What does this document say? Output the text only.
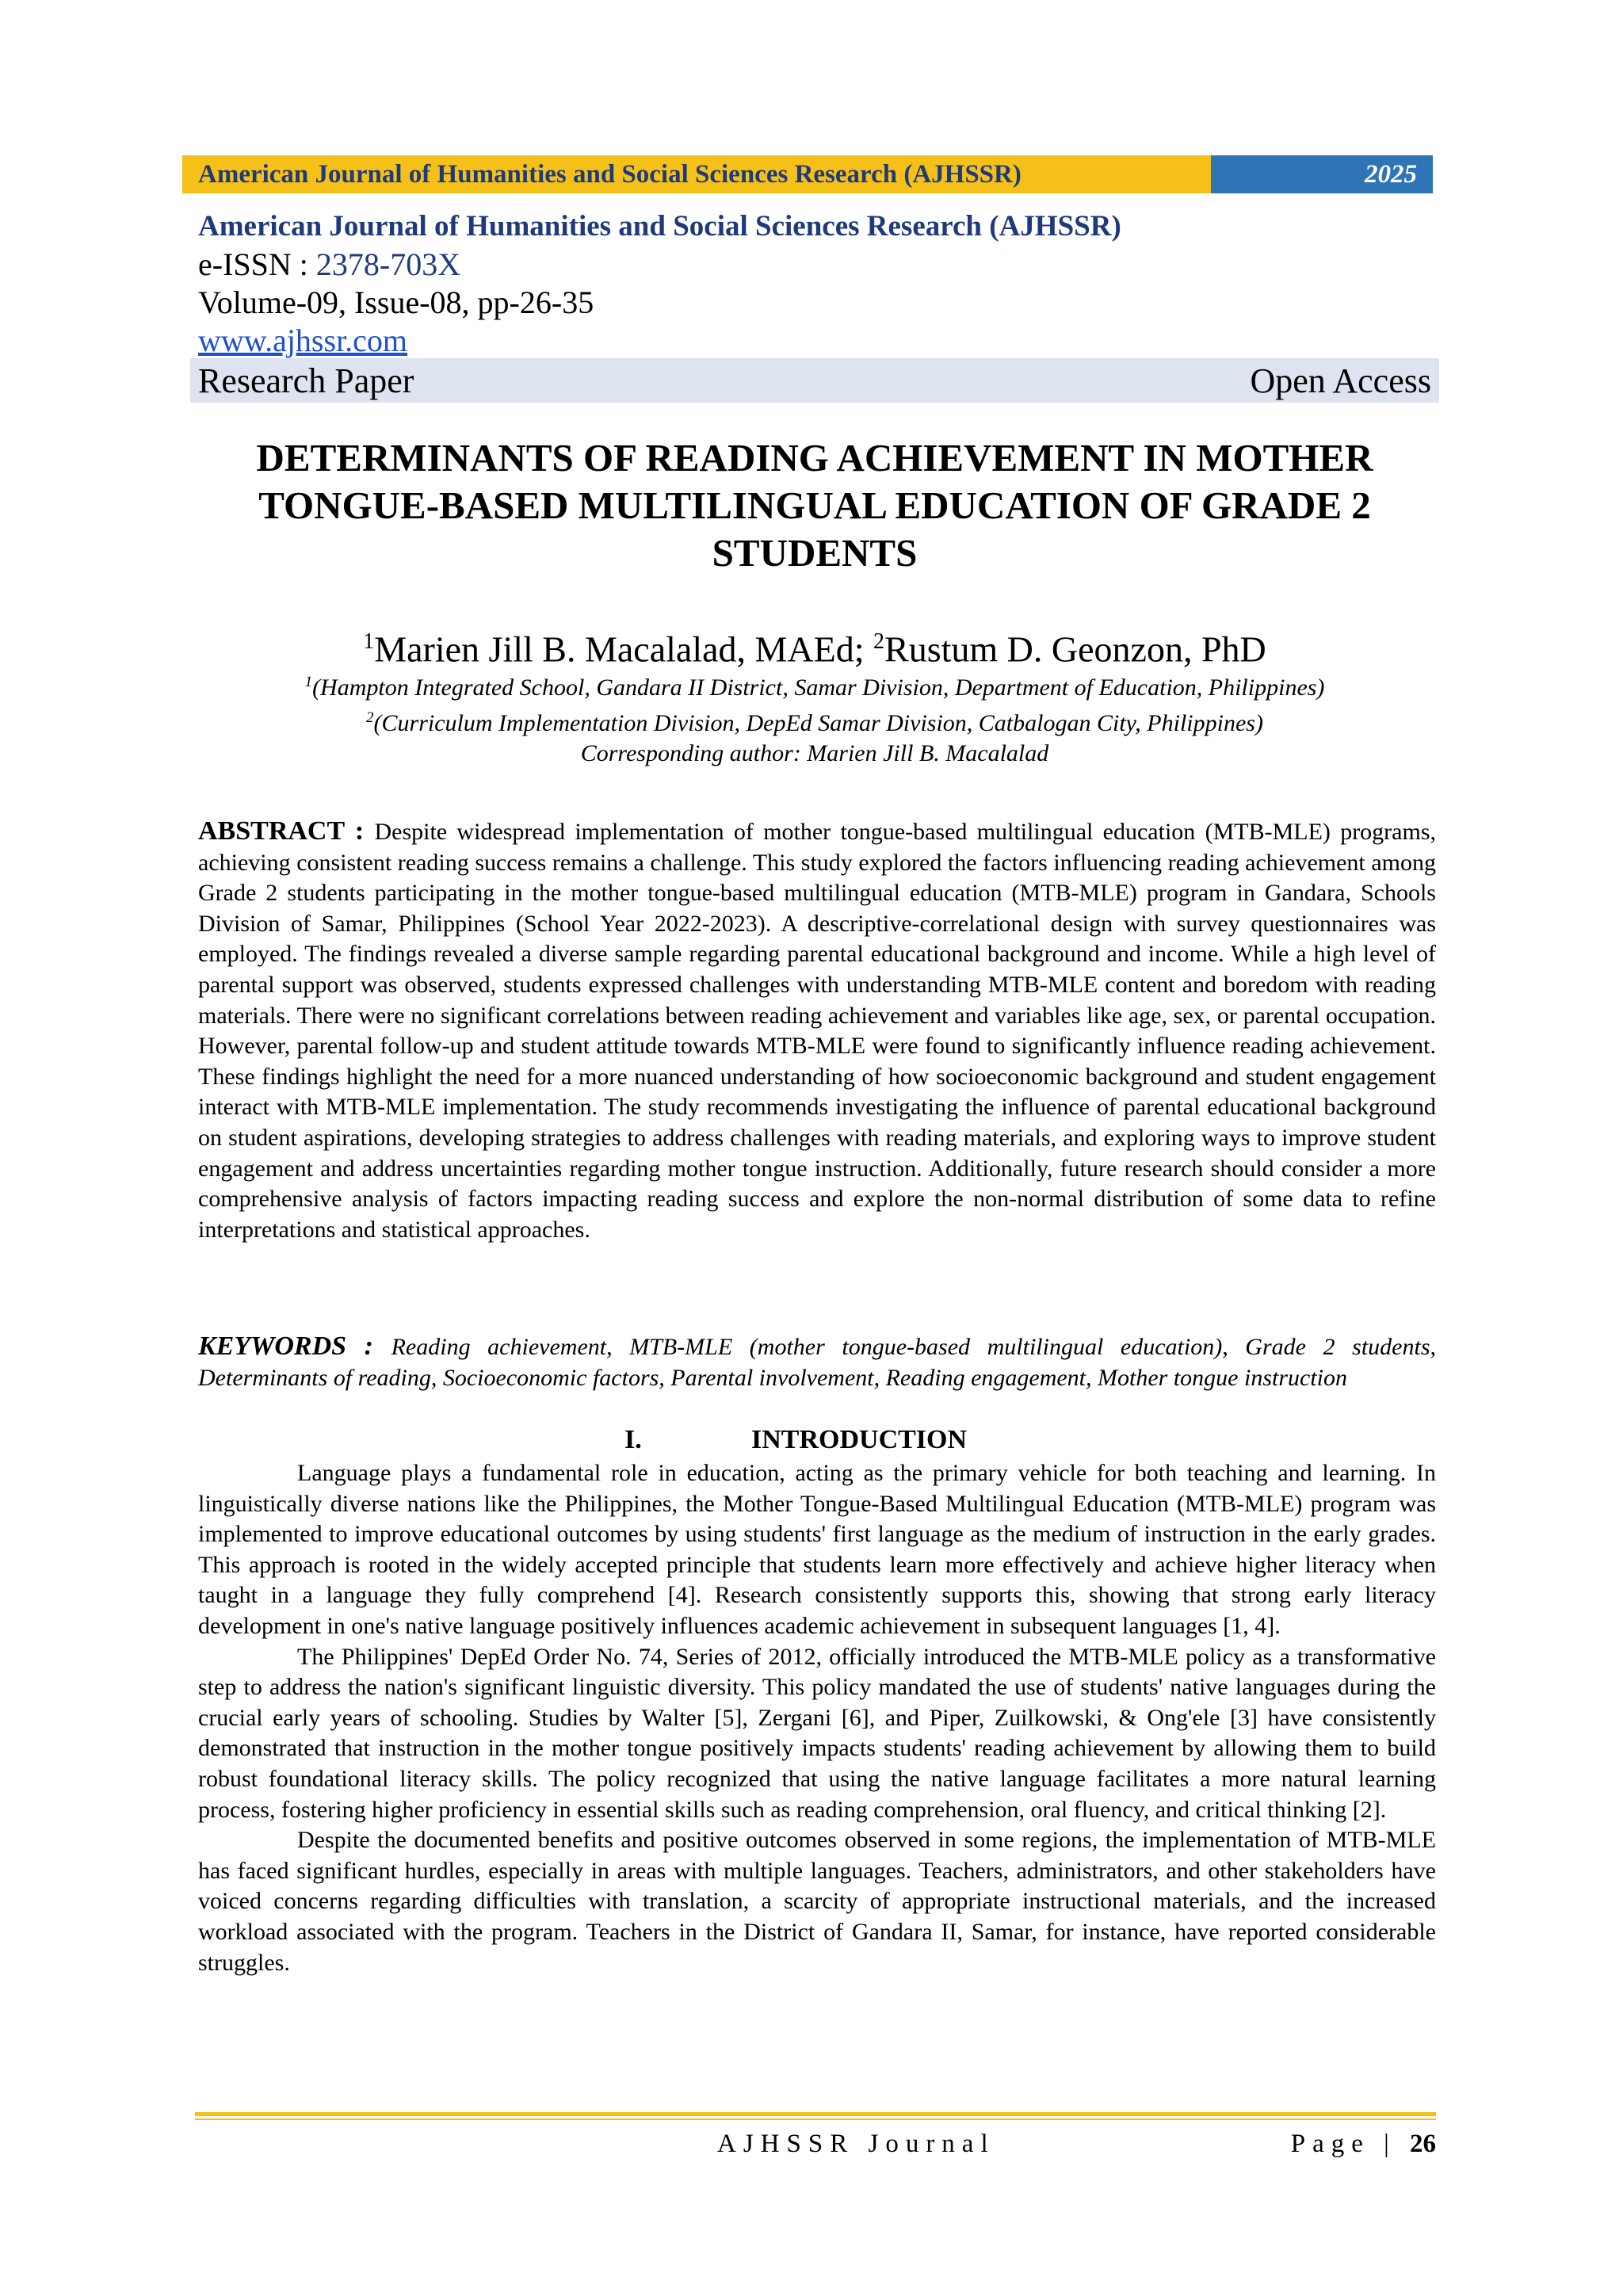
American Journal of Humanities and Social Sciences Research (AJHSSR)	2025
American Journal of Humanities and Social Sciences Research (AJHSSR)
e-ISSN : 2378-703X
Volume-09, Issue-08, pp-26-35
www.ajhssr.com
Research Paper	Open Access
DETERMINANTS OF READING ACHIEVEMENT IN MOTHER TONGUE-BASED MULTILINGUAL EDUCATION OF GRADE 2 STUDENTS
$^1$Marien Jill B. Macalalad, MAEd; $^2$Rustum D. Geonzon, PhD
$^1$(Hampton Integrated School, Gandara II District, Samar Division, Department of Education, Philippines)
$^2$(Curriculum Implementation Division, DepEd Samar Division, Catbalogan City, Philippines)
Corresponding author: Marien Jill B. Macalalad
ABSTRACT : Despite widespread implementation of mother tongue-based multilingual education (MTB-MLE) programs, achieving consistent reading success remains a challenge. This study explored the factors influencing reading achievement among Grade 2 students participating in the mother tongue-based multilingual education (MTB-MLE) program in Gandara, Schools Division of Samar, Philippines (School Year 2022-2023). A descriptive-correlational design with survey questionnaires was employed. The findings revealed a diverse sample regarding parental educational background and income. While a high level of parental support was observed, students expressed challenges with understanding MTB-MLE content and boredom with reading materials. There were no significant correlations between reading achievement and variables like age, sex, or parental occupation. However, parental follow-up and student attitude towards MTB-MLE were found to significantly influence reading achievement. These findings highlight the need for a more nuanced understanding of how socioeconomic background and student engagement interact with MTB-MLE implementation. The study recommends investigating the influence of parental educational background on student aspirations, developing strategies to address challenges with reading materials, and exploring ways to improve student engagement and address uncertainties regarding mother tongue instruction. Additionally, future research should consider a more comprehensive analysis of factors impacting reading success and explore the non-normal distribution of some data to refine interpretations and statistical approaches.
KEYWORDS : Reading achievement, MTB-MLE (mother tongue-based multilingual education), Grade 2 students, Determinants of reading, Socioeconomic factors, Parental involvement, Reading engagement, Mother tongue instruction
I.	INTRODUCTION

Language plays a fundamental role in education, acting as the primary vehicle for both teaching and learning. In linguistically diverse nations like the Philippines, the Mother Tongue-Based Multilingual Education (MTB-MLE) program was implemented to improve educational outcomes by using students' first language as the medium of instruction in the early grades. This approach is rooted in the widely accepted principle that students learn more effectively and achieve higher literacy when taught in a language they fully comprehend [4]. Research consistently supports this, showing that strong early literacy development in one's native language positively influences academic achievement in subsequent languages [1, 4].

The Philippines' DepEd Order No. 74, Series of 2012, officially introduced the MTB-MLE policy as a transformative step to address the nation's significant linguistic diversity. This policy mandated the use of students' native languages during the crucial early years of schooling. Studies by Walter [5], Zergani [6], and Piper, Zuilkowski, & Ong'ele [3] have consistently demonstrated that instruction in the mother tongue positively impacts students' reading achievement by allowing them to build robust foundational literacy skills. The policy recognized that using the native language facilitates a more natural learning process, fostering higher proficiency in essential skills such as reading comprehension, oral fluency, and critical thinking [2].

Despite the documented benefits and positive outcomes observed in some regions, the implementation of MTB-MLE has faced significant hurdles, especially in areas with multiple languages. Teachers, administrators, and other stakeholders have voiced concerns regarding difficulties with translation, a scarcity of appropriate instructional materials, and the increased workload associated with the program. Teachers in the District of Gandara II, Samar, for instance, have reported considerable struggles.

AJHSSR Journal	Page | 26
